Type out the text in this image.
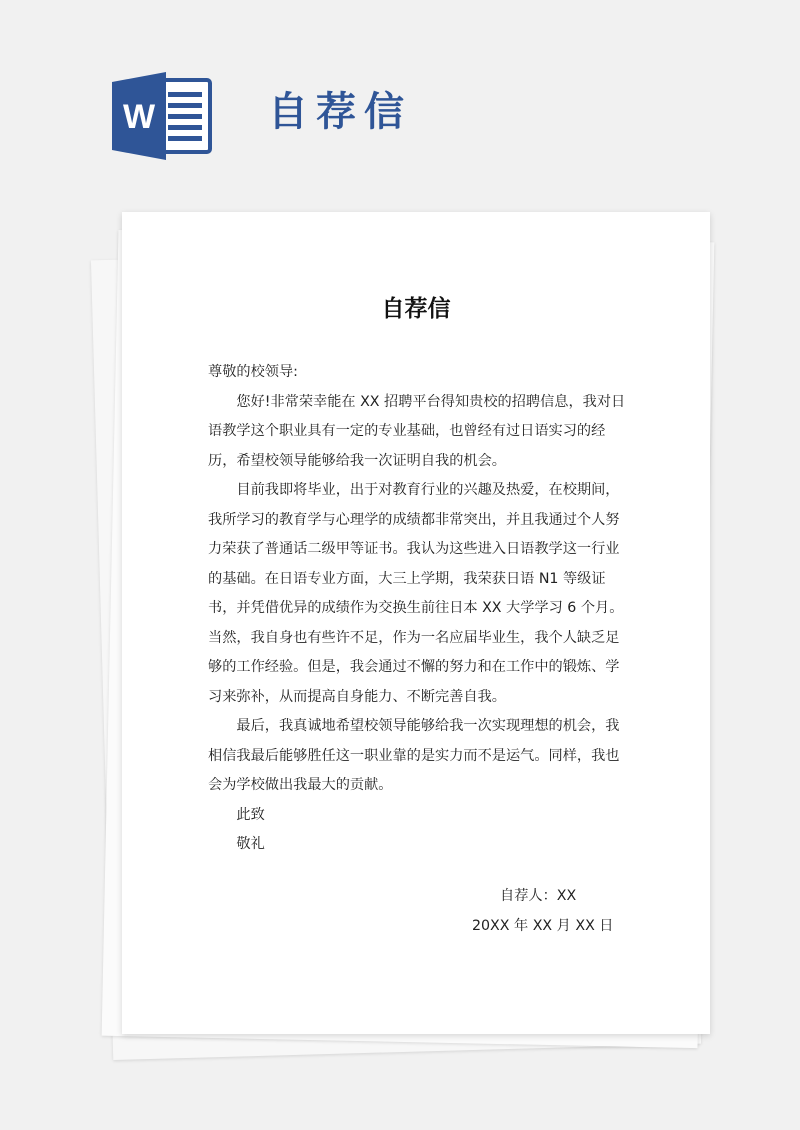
W	自荐信
自荐信

尊敬的校领导:

您好!非常荣幸能在 XX 招聘平台得知贵校的招聘信息，我对日语教学这个职业具有一定的专业基础，也曾经有过日语实习的经历，希望校领导能够给我一次证明自我的机会。

目前我即将毕业，出于对教育行业的兴趣及热爱，在校期间，我所学习的教育学与心理学的成绩都非常突出，并且我通过个人努力荣获了普通话二级甲等证书。我认为这些进入日语教学这一行业的基础。在日语专业方面，大三上学期，我荣获日语 N1 等级证书，并凭借优异的成绩作为交换生前往日本 XX 大学学习 6 个月。

当然，我自身也有些许不足，作为一名应届毕业生，我个人缺乏足够的工作经验。但是，我会通过不懈的努力和在工作中的锻炼、学习来弥补，从而提高自身能力、不断完善自我。

最后，我真诚地希望校领导能够给我一次实现理想的机会，我相信我最后能够胜任这一职业靠的是实力而不是运气。同样，我也会为学校做出我最大的贡献。

此致

敬礼

自荐人：XX
20XX 年 XX 月 XX 日
